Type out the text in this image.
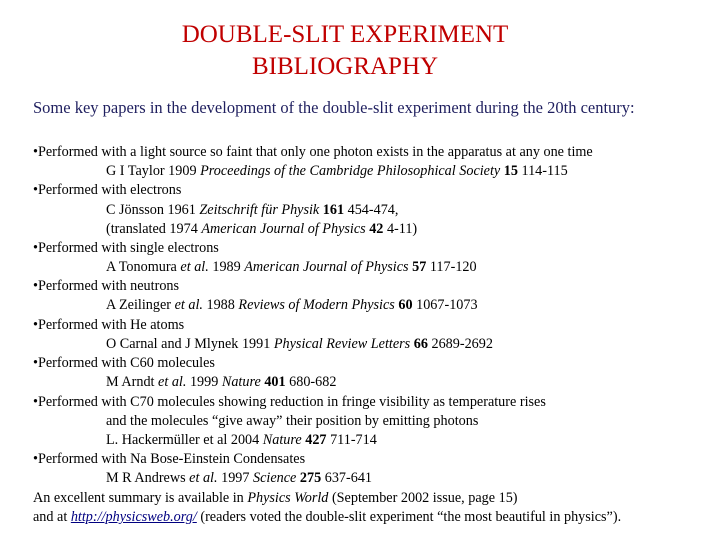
DOUBLE-SLIT EXPERIMENT
BIBLIOGRAPHY
Some key papers in the development of the double-slit experiment during the 20th century:
•Performed with a light source so faint that only one photon exists in the apparatus at any one time
G I Taylor 1909 Proceedings of the Cambridge Philosophical Society 15 114-115
•Performed with electrons
C Jönsson 1961 Zeitschrift für Physik 161 454-474,
(translated 1974 American Journal of Physics 42 4-11)
•Performed with single electrons
A Tonomura et al. 1989 American Journal of Physics 57 117-120
•Performed with neutrons
A Zeilinger et al. 1988 Reviews of Modern Physics 60 1067-1073
•Performed with He atoms
O Carnal and J Mlynek 1991 Physical Review Letters 66 2689-2692
•Performed with C60 molecules
M Arndt et al. 1999 Nature 401 680-682
•Performed with C70 molecules showing reduction in fringe visibility as temperature rises
and the molecules “give away” their position by emitting photons
L. Hackermüller et al 2004 Nature 427 711-714
•Performed with Na Bose-Einstein Condensates
M R Andrews et al. 1997 Science 275 637-641
An excellent summary is available in Physics World (September 2002 issue, page 15)
and at http://physicsweb.org/ (readers voted the double-slit experiment “the most beautiful in physics”).
